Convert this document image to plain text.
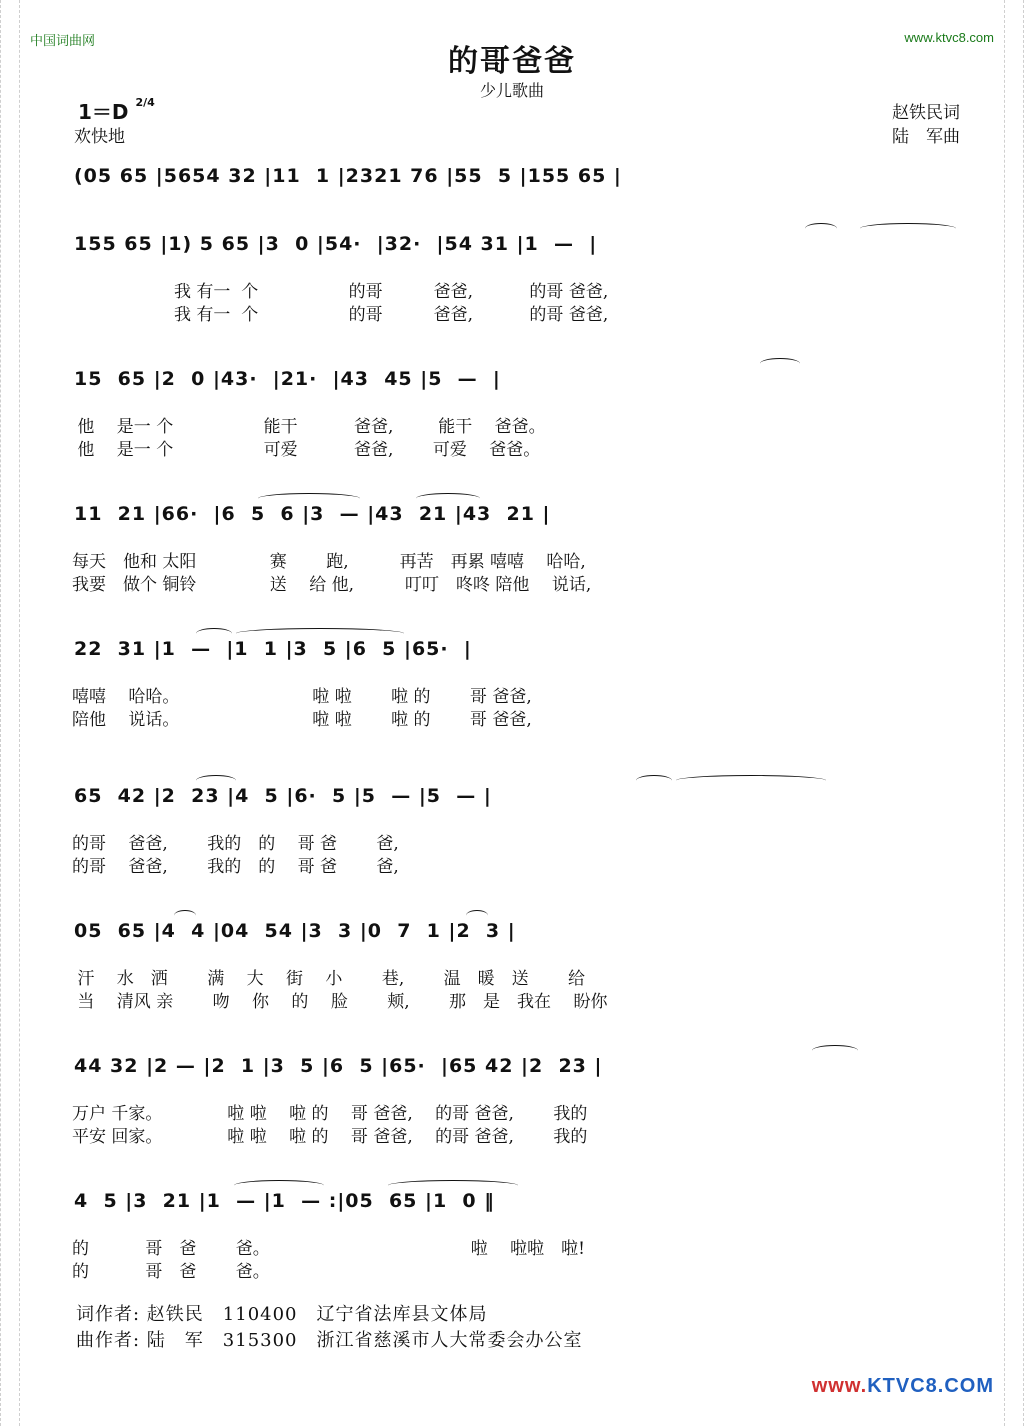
中国词曲网	www.ktvc8.com
的哥爸爸
少儿歌曲
1＝D $^{2/4}$
欢快地
赵铁民词
陆　军曲
(05 65 |5654 32 |11  1 |2321 76 |55  5 |155 65 |
155 65 |1) 5 65 |3  0 |54·  |32·  |54 31 |1  —  |
　　　　　　我 有一  个　　　　　 的哥　　　爸爸,　　　 的哥 爸爸,
　　　　　　我 有一  个　　　　　 的哥　　　爸爸,　　　 的哥 爸爸,
15  65 |2  0 |43·  |21·  |43  45 |5  —  |
他　 是一 个　　　　　 能干　　　 爸爸,　 　 能干　 爸爸。
他　 是一 个　　　　　 可爱　　　 爸爸,　　 可爱　 爸爸。
11  21 |66·  |6  5  6 |3  — |43  21 |43  21 |
每天　他和 太阳　　　　 赛　　 跑,　　　再苦　再累 嘻嘻　 哈哈,
我要　做个 铜铃　　　　 送　 给 他,　　　叮叮　咚咚 陪他　 说话,
22  31 |1  —  |1  1 |3  5 |6  5 |65·  |
嘻嘻　 哈哈。　　　　　　　　 啦 啦　　 啦 的　　 哥 爸爸,
陪他　 说话。　　　　　　　　 啦 啦　　 啦 的　　 哥 爸爸,
65  42 |2  23 |4  5 |6·  5 |5  — |5  — |
的哥　 爸爸,　　 我的　的　 哥 爸　　 爸,
的哥　 爸爸,　　 我的　的　 哥 爸　　 爸,
05  65 |4  4 |04  54 |3  3 |0  7  1 |2  3 |
汗　 水　洒　　 满　 大　 街　 小　　 巷,　　 温　暖　送　　 给
当　 清风 亲　　 吻　 你　 的　 脸　　 颊,　　 那　是　我在　 盼你
44 32 |2 — |2  1 |3  5 |6  5 |65·  |65 42 |2  23 |
万户 千家。　　　　 啦 啦　 啦 的　 哥 爸爸,　 的哥 爸爸,　　 我的
平安 回家。　　　　 啦 啦　 啦 的　 哥 爸爸,　 的哥 爸爸,　　 我的
4  5 |3  21 |1  — |1  — :|05  65 |1  0 ‖
的　　　 哥　爸　　 爸。　　　　　　　　　　　　 啦　 啦啦　啦!
的　　　 哥　爸　　 爸。
词作者: 赵铁民　110400　辽宁省法库县文体局
曲作者: 陆　军　315300　浙江省慈溪市人大常委会办公室
www.KTVC8.COM
